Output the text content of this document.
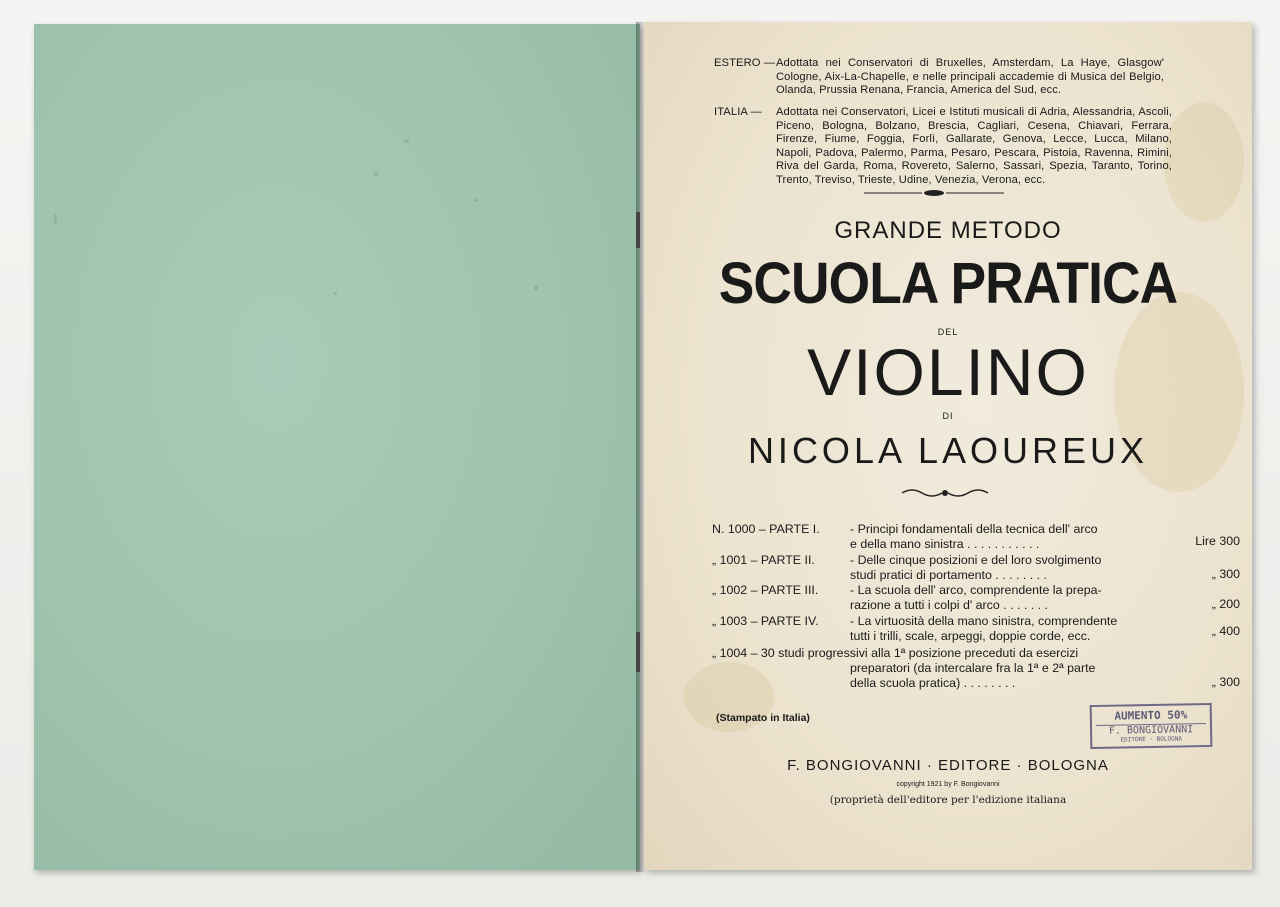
ESTERO — Adottata nei Conservatori di Bruxelles, Amsterdam, La Haye, Glasgow' Cologne, Aix-La-Chapelle, e nelle principali accademie di Musica del Belgio, Olanda, Prussia Renana, Francia, America del Sud, ecc.
ITALIA — Adottata nei Conservatori, Licei e Istituti musicali di Adria, Alessandria, Ascoli, Piceno, Bologna, Bolzano, Brescia, Cagliari, Cesena, Chiavari, Ferrara, Firenze, Fiume, Foggia, Forlì, Gallarate, Genova, Lecce, Lucca, Milano, Napoli, Padova, Palermo, Parma, Pesaro, Pescara, Pistoia, Ravenna, Rimini, Riva del Garda, Roma, Rovereto, Salerno, Sassari, Spezia, Taranto, Torino, Trento, Treviso, Trieste, Udine, Venezia, Verona, ecc.
GRANDE METODO
SCUOLA PRATICA
DEL
VIOLINO
DI
NICOLA LAOUREUX
N. 1000 – PARTE I. - Principi fondamentali della tecnica dell' arco
e della mano sinistra . . . . . . . . . . .	Lire 300
„ 1001 – PARTE II.	- Delle cinque posizioni e del loro svolgimento
studi pratici di portamento . . . . . . . .	„ 300
„ 1002 – PARTE III.	- La scuola dell' arco, comprendente la prepa-
razione a tutti i colpi d' arco . . . . . . .	„ 200
„ 1003 – PARTE IV.	- La virtuosità della mano sinistra, comprendente
tutti i trilli, scale, arpeggi, doppie corde, ecc.	„ 400
„ 1004 – 30 studi progressivi alla 1ª posizione preceduti da esercizi
preparatori (da intercalare fra la 1ª e 2ª parte
della scuola pratica) . . . . . . . .	„ 300
(Stampato in Italia)	AUMENTO 50%
F. BONGIOVANNI
EDITORE · BOLOGNA
F. BONGIOVANNI · EDITORE · BOLOGNA
copyright 1921 by F. Bongiovanni
(proprietà dell'editore per l'edizione italiana
